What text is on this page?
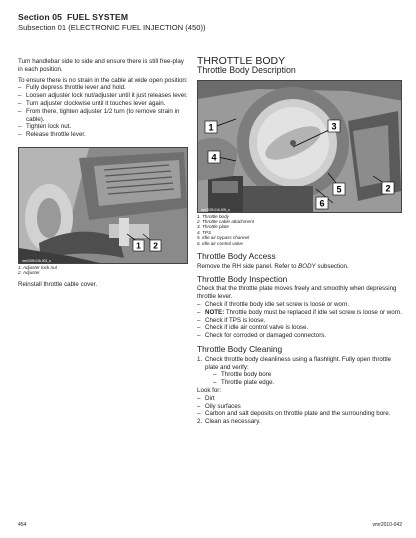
Section 05 FUEL SYSTEM
Subsection 01 (ELECTRONIC FUEL INJECTION (450))

Turn handlebar side to side and ensure there is still free-play in each position.

To ensure there is no strain in the cable at wide open position:

– Fully depress throttle lever and hold.
– Loosen adjuster lock nut/adjuster until it just releases lever.
– Turn adjuster clockwise until it touches lever again.
– From there, tighten adjuster 1/2 turn (to remove strain in cable).
– Tighten lock nut.
– Release throttle lever.
1 2
vmr2009-016-003_a
1. Adjuster lock nut
2. Adjuster

Reinstall throttle cable cover.

THROTTLE BODY
Throttle Body Description
1	3
4
5	2
6
vmr2009-016-005_a
1. Throttle body
2. Throttle cable attachment
3. Throttle plate
4. TPS
5. Idle air bypass channel
6. Idle air control valve
Throttle Body Access

Remove the RH side panel. Refer to BODY subsection.

Throttle Body Inspection

Check that the throttle plate moves freely and smoothly when depressing throttle lever.

– Check if throttle body idle set screw is loose or worn.
– NOTE: Throttle body must be replaced if idle set screw is loose or worn.
– Check if TPS is loose.
– Check if idle air control valve is loose.
– Check for corroded or damaged connectors.
Throttle Body Cleaning
1. Check throttle body cleanliness using a flashlight. Fully open throttle plate and verify:
– Throttle body bore
– Throttle plate edge.

Look for:

– Dirt
– Oily surfaces
– Carbon and salt deposits on throttle plate and the surrounding bore.
2. Clean as necessary.
454	vmr2010-042
